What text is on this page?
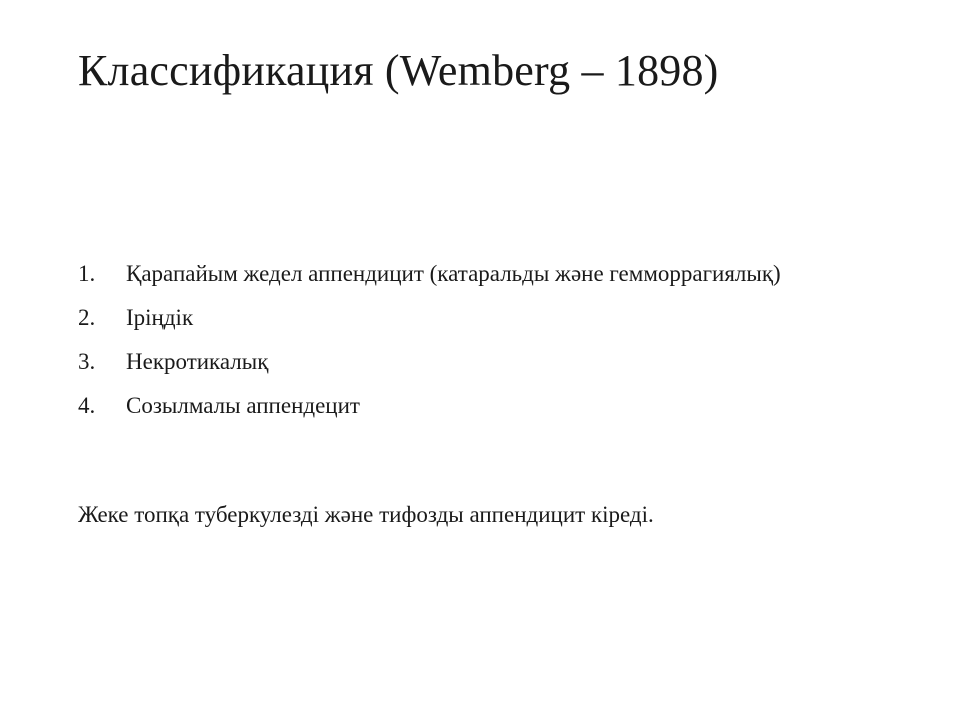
Классификация (Wemberg – 1898)
1.	Қарапайым жедел аппендицит (катаральды және гемморрагиялық)
2.	Іріңдік
3.	Некротикалық
4.	Созылмалы аппендецит

Жеке топқа туберкулезді және тифозды аппендицит кіреді.
